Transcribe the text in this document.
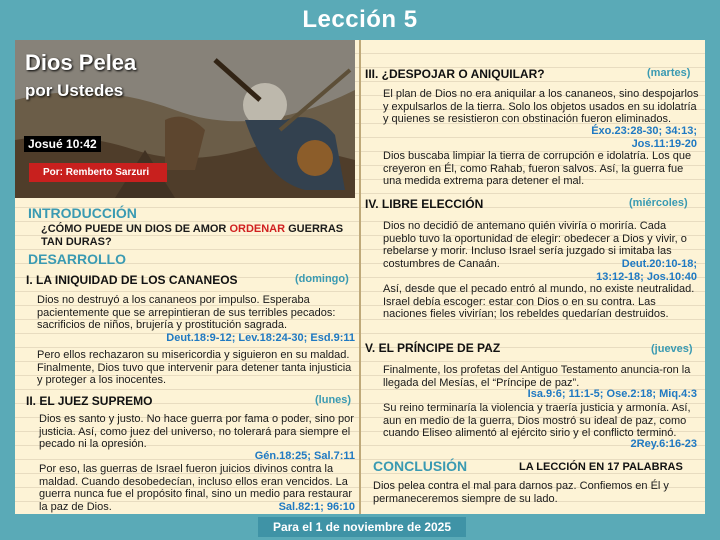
Lección 5
Dios Pelea
por Ustedes
Josué 10:42
Por: Remberto Sarzuri
INTRODUCCIÓN
¿CÓMO PUEDE UN DIOS DE AMOR ORDENAR GUERRAS
TAN DURAS?
DESARROLLO
I. LA INIQUIDAD DE LOS CANANEOS	(domingo)
Dios no destruyó a los cananeos por impulso. Esperaba pacientemente que se arrepintieran de sus terribles pecados: sacrificios de niños, brujería y prostitución sagrada.
Deut.18:9-12; Lev.18:24-30; Esd.9:11
Pero ellos rechazaron su misericordia y siguieron en su maldad. Finalmente, Dios tuvo que intervenir para detener tanta injusticia y proteger a los inocentes.
II. EL JUEZ SUPREMO	(lunes)
Dios es santo y justo. No hace guerra por fama o poder, sino por justicia. Así, como juez del universo, no tolerará para siempre el pecado ni la opresión.
Gén.18:25; Sal.7:11
Por eso, las guerras de Israel fueron juicios divinos contra la maldad. Cuando desobedecían, incluso ellos eran vencidos. La guerra nunca fue el propósito final, sino un medio para restaurar la paz de Dios.	Sal.82:1; 96:10
III. ¿DESPOJAR O ANIQUILAR?	(martes)
El plan de Dios no era aniquilar a los cananeos, sino despojarlos y expulsarlos de la tierra. Solo los objetos usados en su idolatría y quienes se resistieron con obstinación fueron eliminados.
Éxo.23:28-30; 34:13;
Jos.11:19-20
Dios buscaba limpiar la tierra de corrupción e idolatría. Los que creyeron en Él, como Rahab, fueron salvos. Así, la guerra fue una medida extrema para detener el mal.
IV. LIBRE ELECCIÓN	(miércoles)
Dios no decidió de antemano quién viviría o moriría. Cada pueblo tuvo la oportunidad de elegir: obedecer a Dios y vivir, o rebelarse y morir. Incluso Israel sería juzgado si imitaba las costumbres de Canaán.	Deut.20:10-18;
13:12-18; Jos.10:40
Así, desde que el pecado entró al mundo, no existe neutralidad. Israel debía escoger: estar con Dios o en su contra. Las naciones fieles vivirían; los rebeldes quedarían destruidos.
V. EL PRÍNCIPE DE PAZ	(jueves)
Finalmente, los profetas del Antiguo Testamento anuncia-ron la llegada del Mesías, el “Príncipe de paz”.
Isa.9:6; 11:1-5; Ose.2:18; Miq.4:3
Su reino terminaría la violencia y traería justicia y armonía. Así, aun en medio de la guerra, Dios mostró su ideal de paz, como cuando Eliseo alimentó al ejército sirio y el conflicto terminó.
2Rey.6:16-23
CONCLUSIÓN	LA LECCIÓN EN 17 PALABRAS
Dios pelea contra el mal para darnos paz. Confiemos en Él y permaneceremos siempre de su lado.
Para el 1 de noviembre de 2025
